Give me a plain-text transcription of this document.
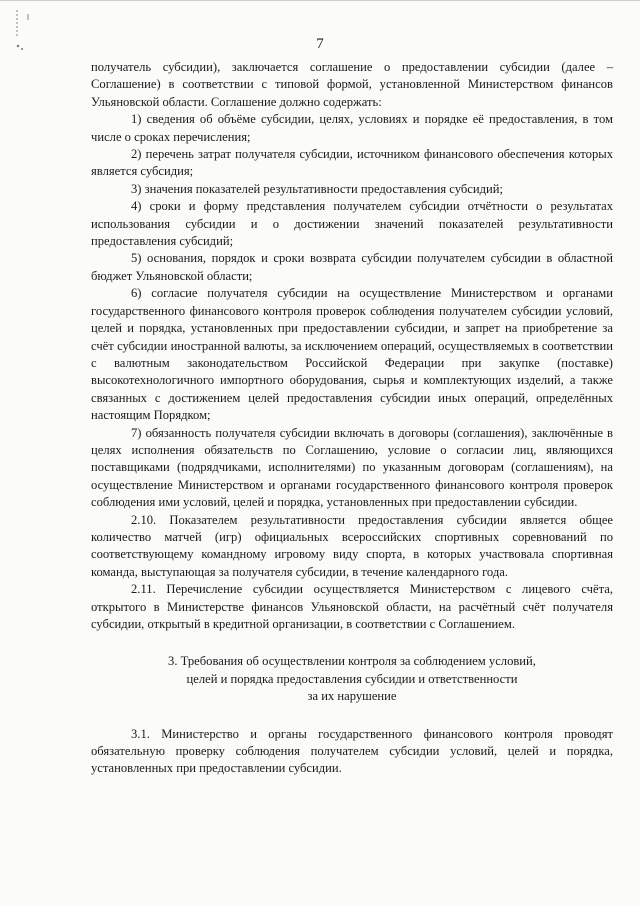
7

получатель субсидии), заключается соглашение о предоставлении субсидии (далее – Соглашение) в соответствии с типовой формой, установленной Министерством финансов Ульяновской области. Соглашение должно содержать:

1) сведения об объёме субсидии, целях, условиях и порядке её предоставления, в том числе о сроках перечисления;

2) перечень затрат получателя субсидии, источником финансового обеспечения которых является субсидия;

3) значения показателей результативности предоставления субсидий;

4) сроки и форму представления получателем субсидии отчётности о результатах использования субсидии и о достижении значений показателей результативности предоставления субсидий;

5) основания, порядок и сроки возврата субсидии получателем субсидии в областной бюджет Ульяновской области;

6) согласие получателя субсидии на осуществление Министерством и органами государственного финансового контроля проверок соблюдения получателем субсидии условий, целей и порядка, установленных при предоставлении субсидии, и запрет на приобретение за счёт субсидии иностранной валюты, за исключением операций, осуществляемых в соответствии с валютным законодательством Российской Федерации при закупке (поставке) высокотехнологичного импортного оборудования, сырья и комплектующих изделий, а также связанных с достижением целей предоставления субсидии иных операций, определённых настоящим Порядком;

7) обязанность получателя субсидии включать в договоры (соглашения), заключённые в целях исполнения обязательств по Соглашению, условие о согласии лиц, являющихся поставщиками (подрядчиками, исполнителями) по указанным договорам (соглашениям), на осуществление Министерством и органами государственного финансового контроля проверок соблюдения ими условий, целей и порядка, установленных при предоставлении субсидии.

2.10. Показателем результативности предоставления субсидии является общее количество матчей (игр) официальных всероссийских спортивных соревнований по соответствующему командному игровому виду спорта, в которых участвовала спортивная команда, выступающая за получателя субсидии, в течение календарного года.

2.11. Перечисление субсидии осуществляется Министерством с лицевого счёта, открытого в Министерстве финансов Ульяновской области, на расчётный счёт получателя субсидии, открытый в кредитной организации, в соответствии с Соглашением.

3. Требования об осуществлении контроля за соблюдением условий,

целей и порядка предоставления субсидии и ответственности

за их нарушение

3.1. Министерство и органы государственного финансового контроля проводят обязательную проверку соблюдения получателем субсидии условий, целей и порядка, установленных при предоставлении субсидии.
